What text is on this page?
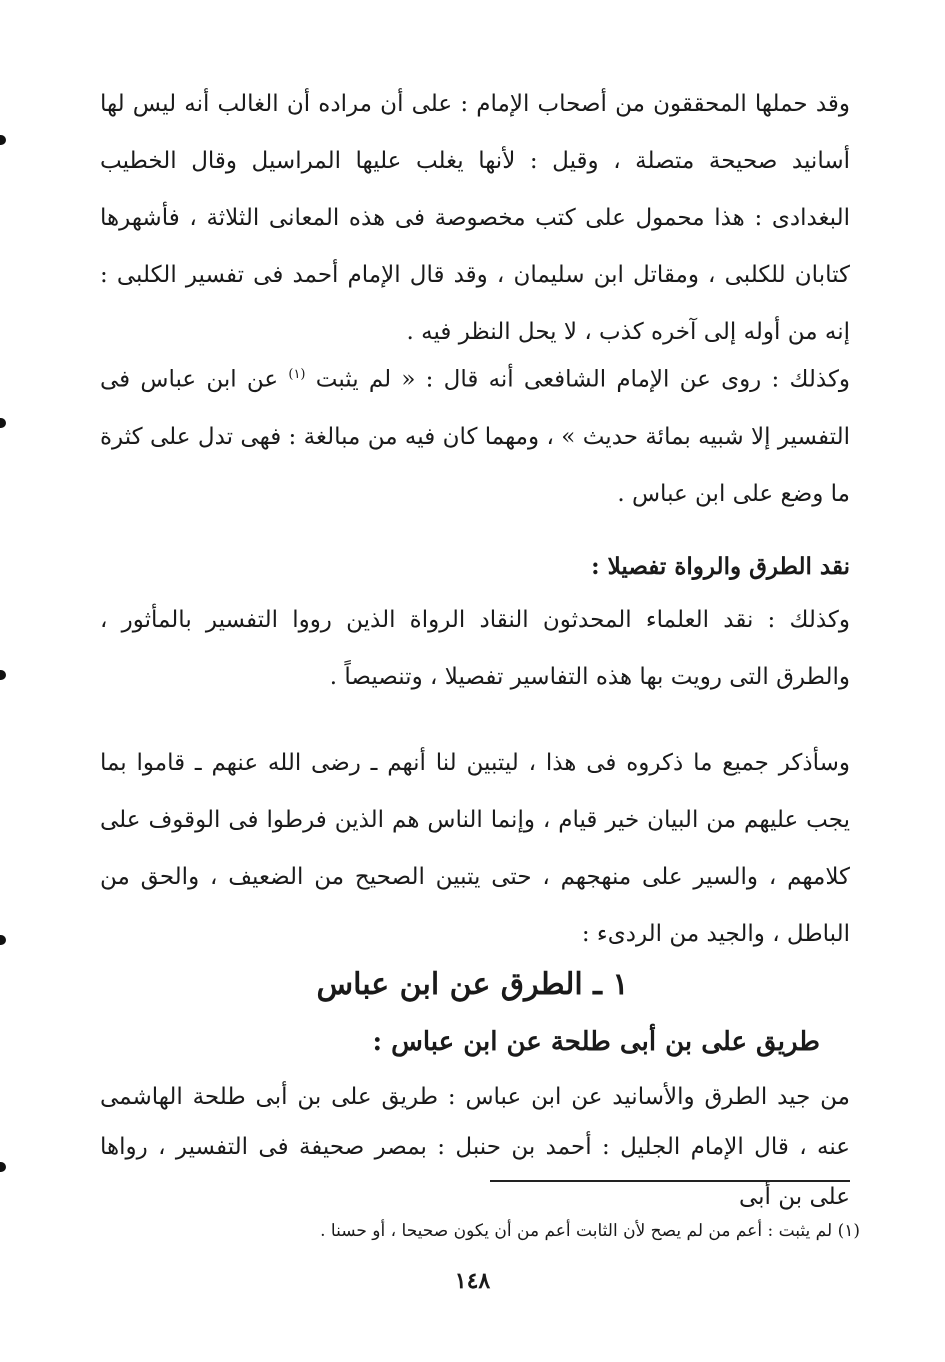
وقد حملها المحققون من أصحاب الإمام : على أن مراده أن الغالب أنه ليس لها أسانيد صحيحة متصلة ، وقيل : لأنها يغلب عليها المراسيل وقال الخطيب البغدادى : هذا محمول على كتب مخصوصة فى هذه المعانى الثلاثة ، فأشهرها كتابان للكلبى ، ومقاتل ابن سليمان ، وقد قال الإمام أحمد فى تفسير الكلبى : إنه من أوله إلى آخره كذب ، لا يحل النظر فيه .

وكذلك : روى عن الإمام الشافعى أنه قال : « لم يثبت $^{(١)}$ عن ابن عباس فى التفسير إلا شبيه بمائة حديث » ، ومهما كان فيه من مبالغة : فهى تدل على كثرة ما وضع على ابن عباس .

نقد الطرق والرواة تفصيلا :

وكذلك : نقد العلماء المحدثون النقاد الرواة الذين رووا التفسير بالمأثور ، والطرق التى رويت بها هذه التفاسير تفصيلا ، وتنصيصاً .

وسأذكر جميع ما ذكروه فى هذا ، ليتبين لنا أنهم ـ رضى الله عنهم ـ قاموا بما يجب عليهم من البيان خير قيام ، وإنما الناس هم الذين فرطوا فى الوقوف على كلامهم ، والسير على منهجهم ، حتى يتبين الصحيح من الضعيف ، والحق من الباطل ، والجيد من الردىء :

١ ـ الطرق عن ابن عباس
طريق على بن أبى طلحة عن ابن عباس :

من جيد الطرق والأسانيد عن ابن عباس : طريق على بن أبى طلحة الهاشمى عنه ، قال الإمام الجليل : أحمد بن حنبل : بمصر صحيفة فى التفسير ، رواها على بن أبى

(١) لم يثبت : أعم من لم يصح لأن الثابت أعم من أن يكون صحيحا ، أو حسنا .

١٤٨
